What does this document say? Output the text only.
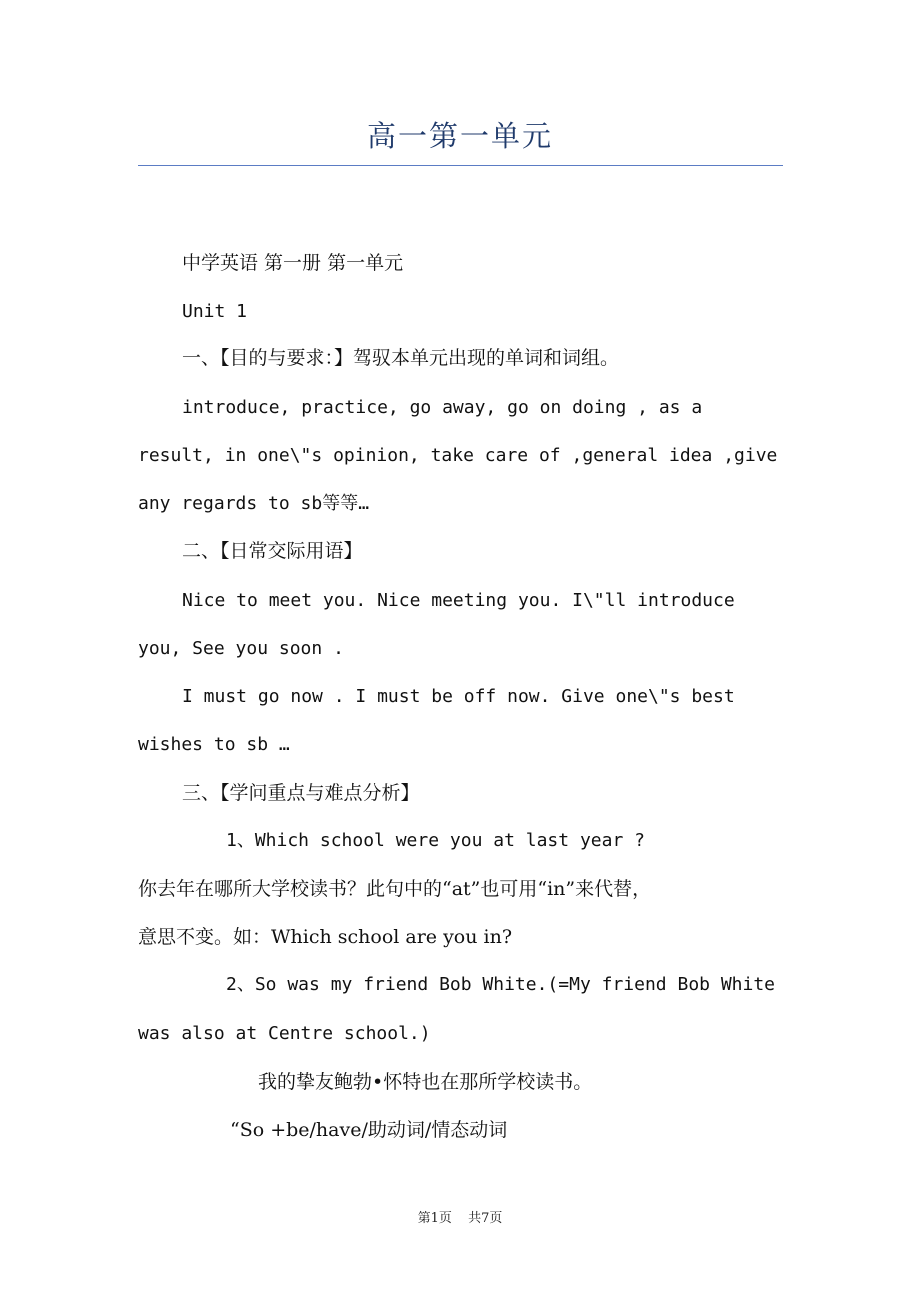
高一第一单元
中学英语 第一册 第一单元
Unit 1
一、【目的与要求：】驾驭本单元出现的单词和词组。
introduce, practice, go away, go on doing , as a
result, in one\"s opinion, take care of ,general idea ,give
any regards to sb等等…
二、【日常交际用语】
Nice to meet you. Nice meeting you. I\"ll introduce
you, See you soon .
I must go now . I must be off now. Give one\"s best
wishes to sb …
三、【学问重点与难点分析】
1、Which school were you at last year ?
你去年在哪所大学校读书？此句中的“at”也可用“in”来代替，
意思不变。如：Which school are you in?
2、So was my friend Bob White.(=My friend Bob White
was also at Centre school.)
我的挚友鲍勃•怀特也在那所学校读书。
“So +be/have/助动词/情态动词
第1页 共7页
